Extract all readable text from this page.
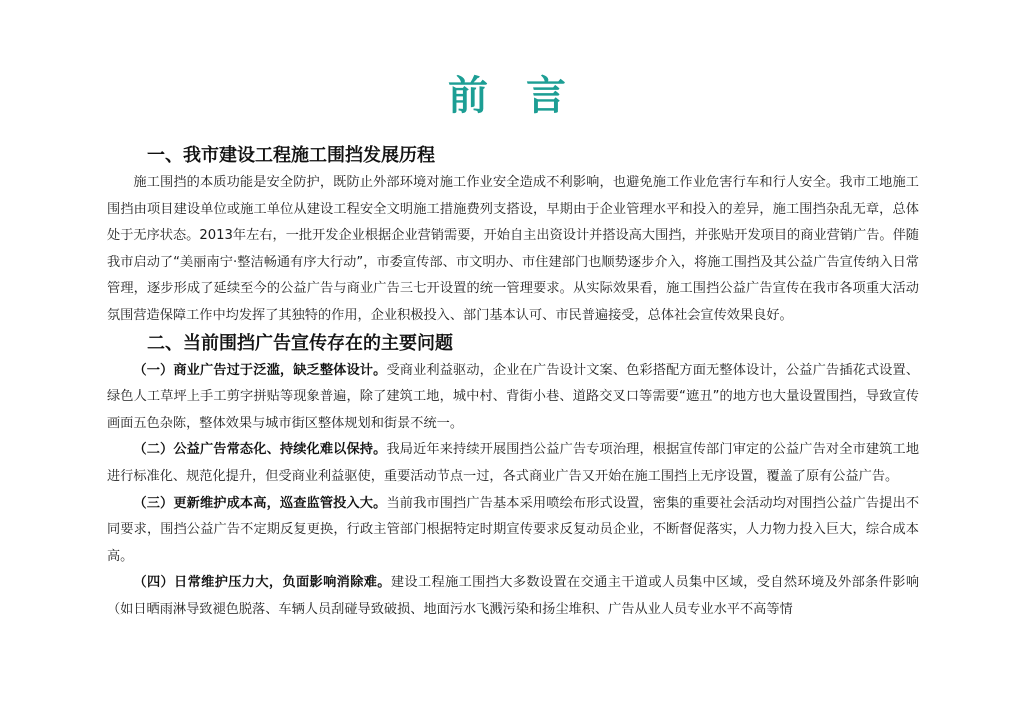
前 言
一、我市建设工程施工围挡发展历程

施工围挡的本质功能是安全防护，既防止外部环境对施工作业安全造成不利影响，也避免施工作业危害行车和行人安全。我市工地施工围挡由项目建设单位或施工单位从建设工程安全文明施工措施费列支搭设，早期由于企业管理水平和投入的差异，施工围挡杂乱无章，总体处于无序状态。2013年左右，一批开发企业根据企业营销需要，开始自主出资设计并搭设高大围挡，并张贴开发项目的商业营销广告。伴随我市启动了“美丽南宁·整洁畅通有序大行动”，市委宣传部、市文明办、市住建部门也顺势逐步介入，将施工围挡及其公益广告宣传纳入日常管理，逐步形成了延续至今的公益广告与商业广告三七开设置的统一管理要求。从实际效果看，施工围挡公益广告宣传在我市各项重大活动氛围营造保障工作中均发挥了其独特的作用，企业积极投入、部门基本认可、市民普遍接受，总体社会宣传效果良好。

二、当前围挡广告宣传存在的主要问题

（一）商业广告过于泛滥，缺乏整体设计。受商业利益驱动，企业在广告设计文案、色彩搭配方面无整体设计，公益广告插花式设置、绿色人工草坪上手工剪字拼贴等现象普遍，除了建筑工地，城中村、背街小巷、道路交叉口等需要“遮丑”的地方也大量设置围挡，导致宣传画面五色杂陈，整体效果与城市街区整体规划和街景不统一。

（二）公益广告常态化、持续化难以保持。我局近年来持续开展围挡公益广告专项治理，根据宣传部门审定的公益广告对全市建筑工地进行标准化、规范化提升，但受商业利益驱使，重要活动节点一过，各式商业广告又开始在施工围挡上无序设置，覆盖了原有公益广告。

（三）更新维护成本高，巡查监管投入大。当前我市围挡广告基本采用喷绘布形式设置，密集的重要社会活动均对围挡公益广告提出不同要求，围挡公益广告不定期反复更换，行政主管部门根据特定时期宣传要求反复动员企业，不断督促落实，人力物力投入巨大，综合成本高。

（四）日常维护压力大，负面影响消除难。建设工程施工围挡大多数设置在交通主干道或人员集中区域，受自然环境及外部条件影响（如日晒雨淋导致褪色脱落、车辆人员刮碰导致破损、地面污水飞溅污染和扬尘堆积、广告从业人员专业水平不高等情
